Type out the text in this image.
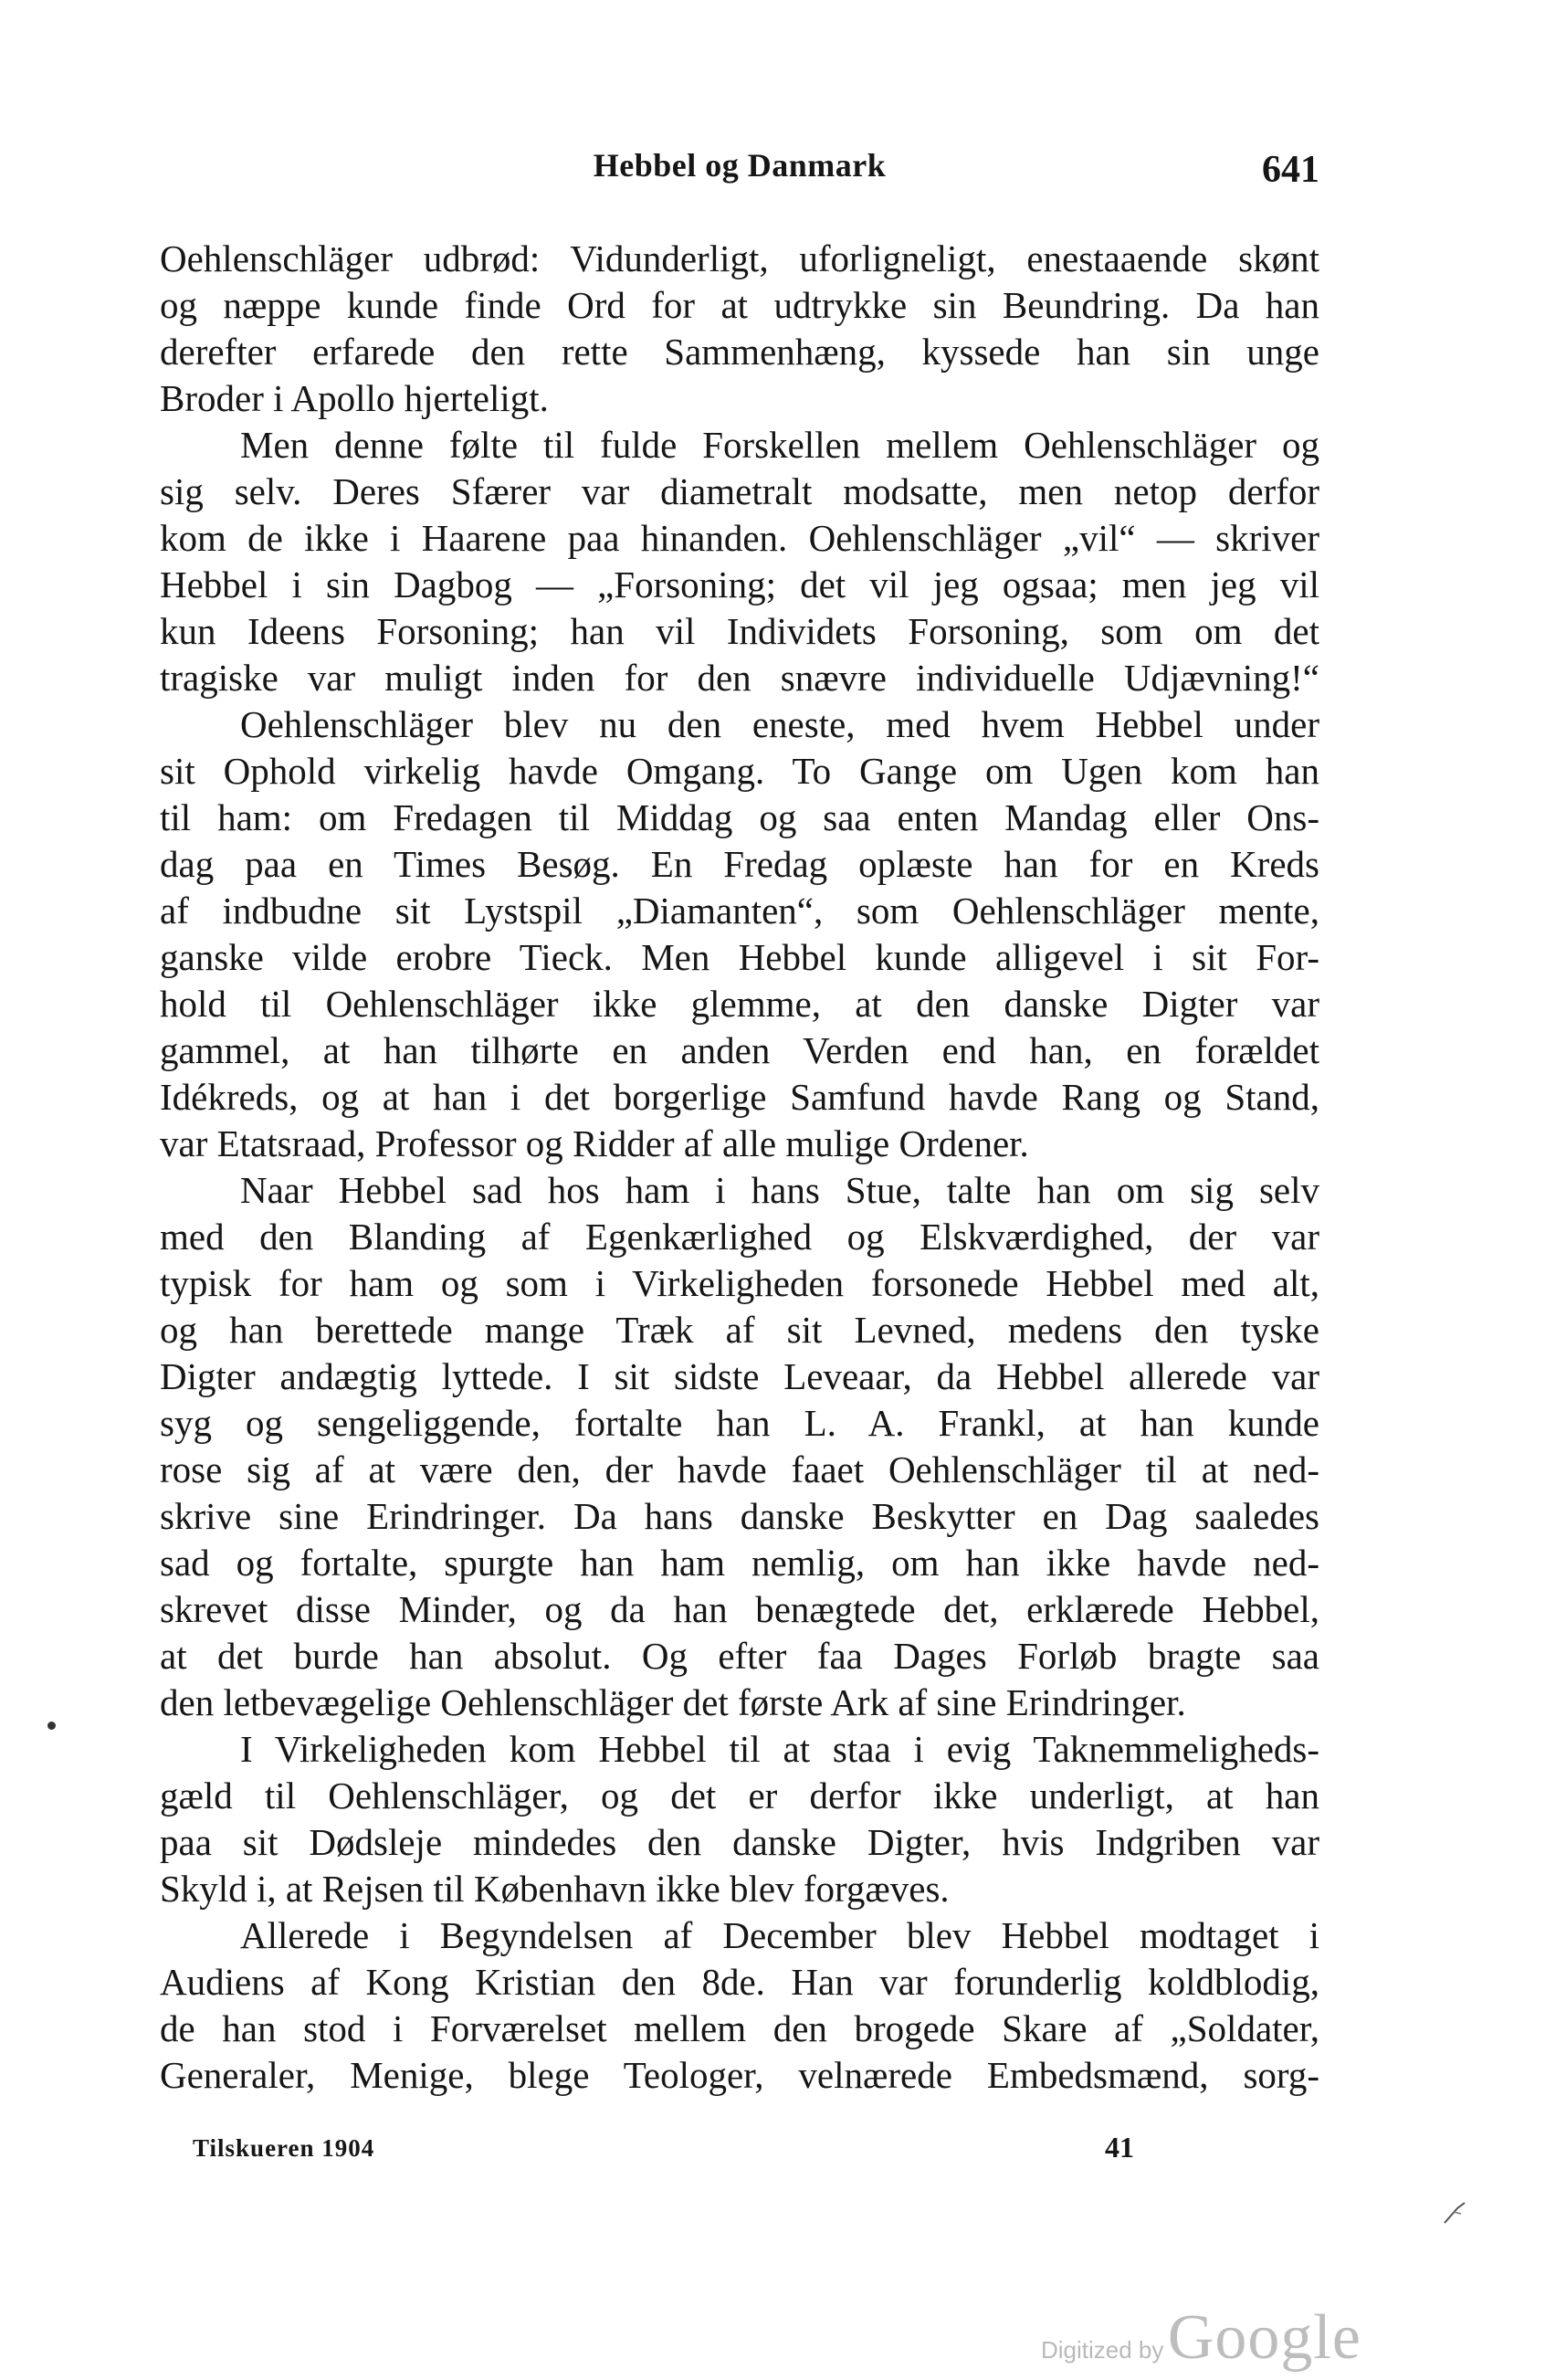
Hebbel og Danmark	641
Oehlenschläger udbrød: Vidunderligt, uforligneligt, enestaaende skønt
og næppe kunde finde Ord for at udtrykke sin Beundring. Da han
derefter erfarede den rette Sammenhæng, kyssede han sin unge
Broder i Apollo hjerteligt.
Men denne følte til fulde Forskellen mellem Oehlenschläger og
sig selv. Deres Sfærer var diametralt modsatte, men netop derfor
kom de ikke i Haarene paa hinanden. Oehlenschläger „vil“ — skriver
Hebbel i sin Dagbog — „Forsoning; det vil jeg ogsaa; men jeg vil
kun Ideens Forsoning; han vil Individets Forsoning, som om det
tragiske var muligt inden for den snævre individuelle Udjævning!“
Oehlenschläger blev nu den eneste, med hvem Hebbel under
sit Ophold virkelig havde Omgang. To Gange om Ugen kom han
til ham: om Fredagen til Middag og saa enten Mandag eller Ons-
dag paa en Times Besøg. En Fredag oplæste han for en Kreds
af indbudne sit Lystspil „Diamanten“, som Oehlenschläger mente,
ganske vilde erobre Tieck. Men Hebbel kunde alligevel i sit For-
hold til Oehlenschläger ikke glemme, at den danske Digter var
gammel, at han tilhørte en anden Verden end han, en forældet
Idékreds, og at han i det borgerlige Samfund havde Rang og Stand,
var Etatsraad, Professor og Ridder af alle mulige Ordener.
Naar Hebbel sad hos ham i hans Stue, talte han om sig selv
med den Blanding af Egenkærlighed og Elskværdighed, der var
typisk for ham og som i Virkeligheden forsonede Hebbel med alt,
og han berettede mange Træk af sit Levned, medens den tyske
Digter andægtig lyttede. I sit sidste Leveaar, da Hebbel allerede var
syg og sengeliggende, fortalte han L. A. Frankl, at han kunde
rose sig af at være den, der havde faaet Oehlenschläger til at ned-
skrive sine Erindringer. Da hans danske Beskytter en Dag saaledes
sad og fortalte, spurgte han ham nemlig, om han ikke havde ned-
skrevet disse Minder, og da han benægtede det, erklærede Hebbel,
at det burde han absolut. Og efter faa Dages Forløb bragte saa
den letbevægelige Oehlenschläger det første Ark af sine Erindringer.
I Virkeligheden kom Hebbel til at staa i evig Taknemmeligheds-
gæld til Oehlenschläger, og det er derfor ikke underligt, at han
paa sit Dødsleje mindedes den danske Digter, hvis Indgriben var
Skyld i, at Rejsen til København ikke blev forgæves.
Allerede i Begyndelsen af December blev Hebbel modtaget i
Audiens af Kong Kristian den 8de. Han var forunderlig koldblodig,
de han stod i Forværelset mellem den brogede Skare af „Soldater,
Generaler, Menige, blege Teologer, velnærede Embedsmænd, sorg-
Tilskueren 1904	41
Digitized by Google
